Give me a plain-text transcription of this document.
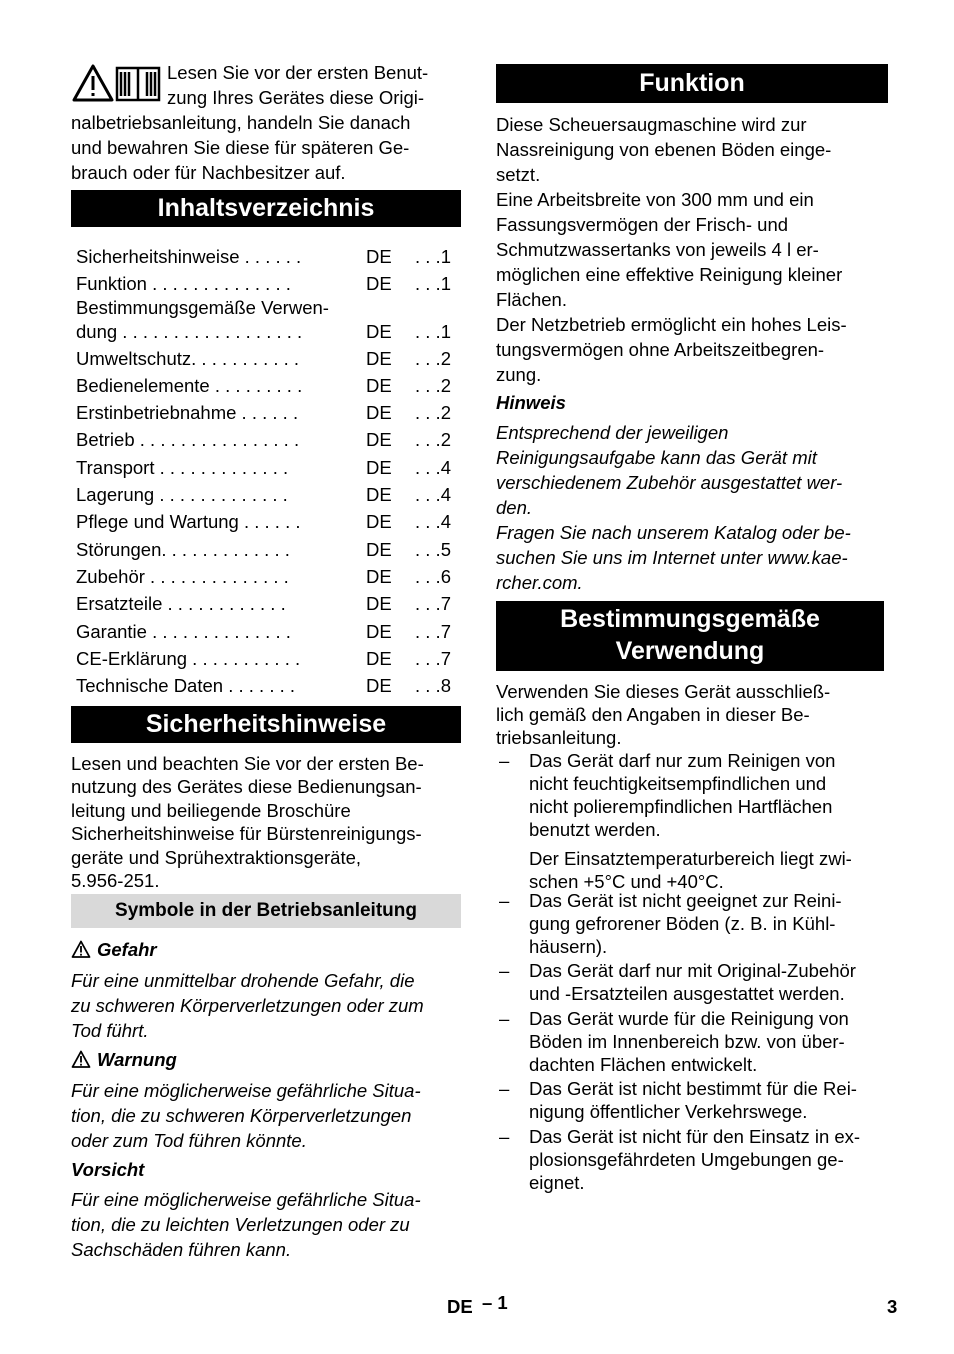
Lesen Sie vor der ersten Benut-
zung Ihres Gerätes diese Origi-
nalbetriebsanleitung, handeln Sie danach
und bewahren Sie diese für späteren Ge-
brauch oder für Nachbesitzer auf.
Inhaltsverzeichnis
Sicherheitshinweise . . . . . .	DE . . .1
Funktion . . . . . . . . . . . . . .	DE . . .1
Bestimmungsgemäße Verwen-
dung . . . . . . . . . . . . . . . . . .	DE . . .1
Umweltschutz. . . . . . . . . . .	DE . . .2
Bedienelemente . . . . . . . . .	DE . . .2
Erstinbetriebnahme . . . . . .	DE . . .2
Betrieb . . . . . . . . . . . . . . . .	DE . . .2
Transport . . . . . . . . . . . . .	DE . . .4
Lagerung . . . . . . . . . . . . .	DE . . .4
Pflege und Wartung . . . . . .	DE . . .4
Störungen. . . . . . . . . . . . .	DE . . .5
Zubehör . . . . . . . . . . . . . .	DE . . .6
Ersatzteile . . . . . . . . . . . .	DE . . .7
Garantie . . . . . . . . . . . . . .	DE . . .7
CE-Erklärung . . . . . . . . . . .	DE . . .7
Technische Daten . . . . . . .	DE . . .8
Sicherheitshinweise
Lesen und beachten Sie vor der ersten Be-
nutzung des Gerätes diese Bedienungsan-
leitung und beiliegende Broschüre
Sicherheitshinweise für Bürstenreinigungs-
geräte und Sprühextraktionsgeräte,
5.956-251.
Symbole in der Betriebsanleitung
Gefahr
Für eine unmittelbar drohende Gefahr, die
zu schweren Körperverletzungen oder zum
Tod führt.
Warnung
Für eine möglicherweise gefährliche Situa-
tion, die zu schweren Körperverletzungen
oder zum Tod führen könnte.
Vorsicht
Für eine möglicherweise gefährliche Situa-
tion, die zu leichten Verletzungen oder zu
Sachschäden führen kann.
Funktion
Diese Scheuersaugmaschine wird zur
Nassreinigung von ebenen Böden einge-
setzt.
Eine Arbeitsbreite von 300 mm und ein
Fassungsvermögen der Frisch- und
Schmutzwassertanks von jeweils 4 l er-
möglichen eine effektive Reinigung kleiner
Flächen.
Der Netzbetrieb ermöglicht ein hohes Leis-
tungsvermögen ohne Arbeitszeitbegren-
zung.
Hinweis
Entsprechend der jeweiligen
Reinigungsaufgabe kann das Gerät mit
verschiedenem Zubehör ausgestattet wer-
den.
Fragen Sie nach unserem Katalog oder be-
suchen Sie uns im Internet unter www.kae-
rcher.com.
Bestimmungsgemäße
Verwendung
Verwenden Sie dieses Gerät ausschließ-
lich gemäß den Angaben in dieser Be-
triebsanleitung.
– Das Gerät darf nur zum Reinigen von
nicht feuchtigkeitsempfindlichen und
nicht polierempfindlichen Hartflächen
benutzt werden.
Der Einsatztemperaturbereich liegt zwi-
schen +5°C und +40°C.
– Das Gerät ist nicht geeignet zur Reini-
gung gefrorener Böden (z. B. in Kühl-
häusern).
– Das Gerät darf nur mit Original-Zubehör
und -Ersatzteilen ausgestattet werden.
– Das Gerät wurde für die Reinigung von
Böden im Innenbereich bzw. von über-
dachten Flächen entwickelt.
– Das Gerät ist nicht bestimmt für die Rei-
nigung öffentlicher Verkehrswege.
– Das Gerät ist nicht für den Einsatz in ex-
plosionsgefährdeten Umgebungen ge-
eignet.
DE – 1	3
